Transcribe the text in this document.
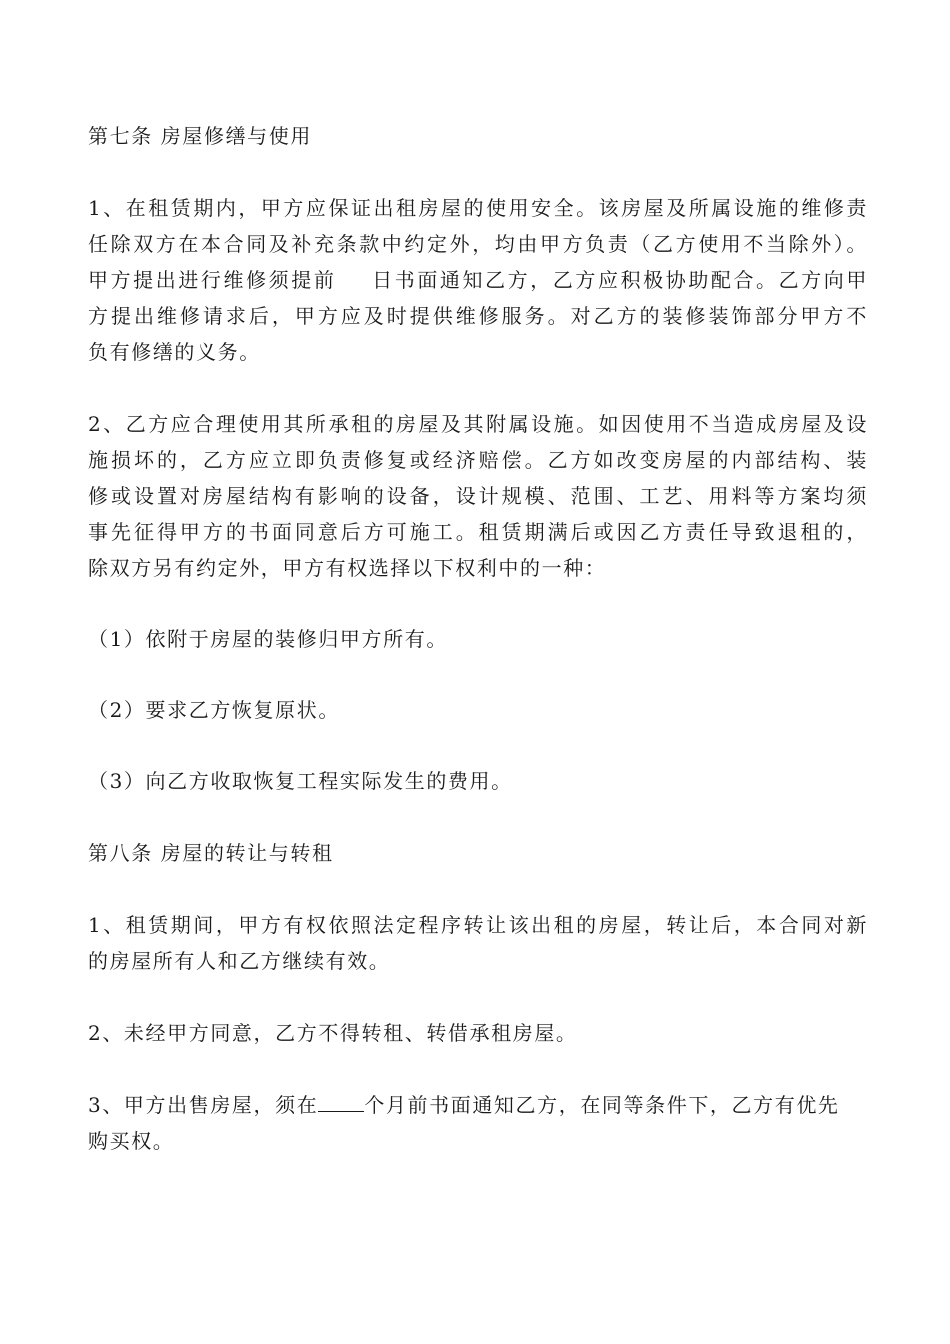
第七条 房屋修缮与使用
1、在租赁期内，甲方应保证出租房屋的使用安全。该房屋及所属设施的维修责
任除双方在本合同及补充条款中约定外，均由甲方负责（乙方使用不当除外）。
甲方提出进行维修须提前    日书面通知乙方，乙方应积极协助配合。乙方向甲
方提出维修请求后，甲方应及时提供维修服务。对乙方的装修装饰部分甲方不
负有修缮的义务。
2、乙方应合理使用其所承租的房屋及其附属设施。如因使用不当造成房屋及设
施损坏的，乙方应立即负责修复或经济赔偿。乙方如改变房屋的内部结构、装
修或设置对房屋结构有影响的设备，设计规模、范围、工艺、用料等方案均须
事先征得甲方的书面同意后方可施工。租赁期满后或因乙方责任导致退租的，
除双方另有约定外，甲方有权选择以下权利中的一种：
（1）依附于房屋的装修归甲方所有。
（2）要求乙方恢复原状。
（3）向乙方收取恢复工程实际发生的费用。
第八条 房屋的转让与转租
1、租赁期间，甲方有权依照法定程序转让该出租的房屋，转让后，本合同对新
的房屋所有人和乙方继续有效。
2、未经甲方同意，乙方不得转租、转借承租房屋。
3、甲方出售房屋，须在 个月前书面通知乙方，在同等条件下，乙方有优先
购买权。
